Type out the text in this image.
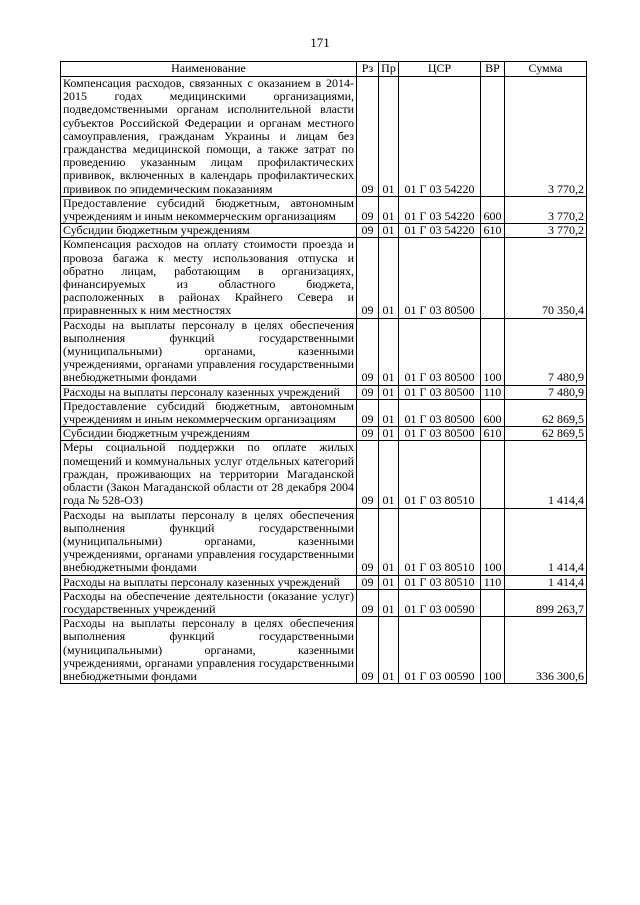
171
Наименование	Рз	Пр	ЦСР	ВР	Сумма
Компенсация расходов, связанных с оказанием в 2014-2015 годах медицинскими организациями, подведомственными органам исполнительной власти субъектов Российской Федерации и органам местного самоуправления, гражданам Украины и лицам без гражданства медицинской помощи, а также затрат по проведению указанным лицам профилактических прививок, включенных в календарь профилактических прививок по эпидемическим показаниям	09	01	01 Г 03 54220		3 770,2
Предоставление субсидий бюджетным, автономным учреждениям и иным некоммерческим организациям	09	01	01 Г 03 54220	600	3 770,2
Субсидии бюджетным учреждениям	09	01	01 Г 03 54220	610	3 770,2
Компенсация расходов на оплату стоимости проезда и провоза багажа к месту использования отпуска и обратно лицам, работающим в организациях, финансируемых из областного бюджета, расположенных в районах Крайнего Севера и приравненных к ним местностях	09	01	01 Г 03 80500		70 350,4
Расходы на выплаты персоналу в целях обеспечения выполнения функций государственными (муниципальными) органами, казенными учреждениями, органами управления государственными внебюджетными фондами	09	01	01 Г 03 80500	100	7 480,9
Расходы на выплаты персоналу казенных учреждений	09	01	01 Г 03 80500	110	7 480,9
Предоставление субсидий бюджетным, автономным учреждениям и иным некоммерческим организациям	09	01	01 Г 03 80500	600	62 869,5
Субсидии бюджетным учреждениям	09	01	01 Г 03 80500	610	62 869,5
Меры социальной поддержки по оплате жилых помещений и коммунальных услуг отдельных категорий граждан, проживающих на территории Магаданской области (Закон Магаданской области от 28 декабря 2004 года № 528-ОЗ)	09	01	01 Г 03 80510		1 414,4
Расходы на выплаты персоналу в целях обеспечения выполнения функций государственными (муниципальными) органами, казенными учреждениями, органами управления государственными внебюджетными фондами	09	01	01 Г 03 80510	100	1 414,4
Расходы на выплаты персоналу казенных учреждений	09	01	01 Г 03 80510	110	1 414,4
Расходы на обеспечение деятельности (оказание услуг) государственных учреждений	09	01	01 Г 03 00590		899 263,7
Расходы на выплаты персоналу в целях обеспечения выполнения функций государственными (муниципальными) органами, казенными учреждениями, органами управления государственными внебюджетными фондами	09	01	01 Г 03 00590	100	336 300,6
